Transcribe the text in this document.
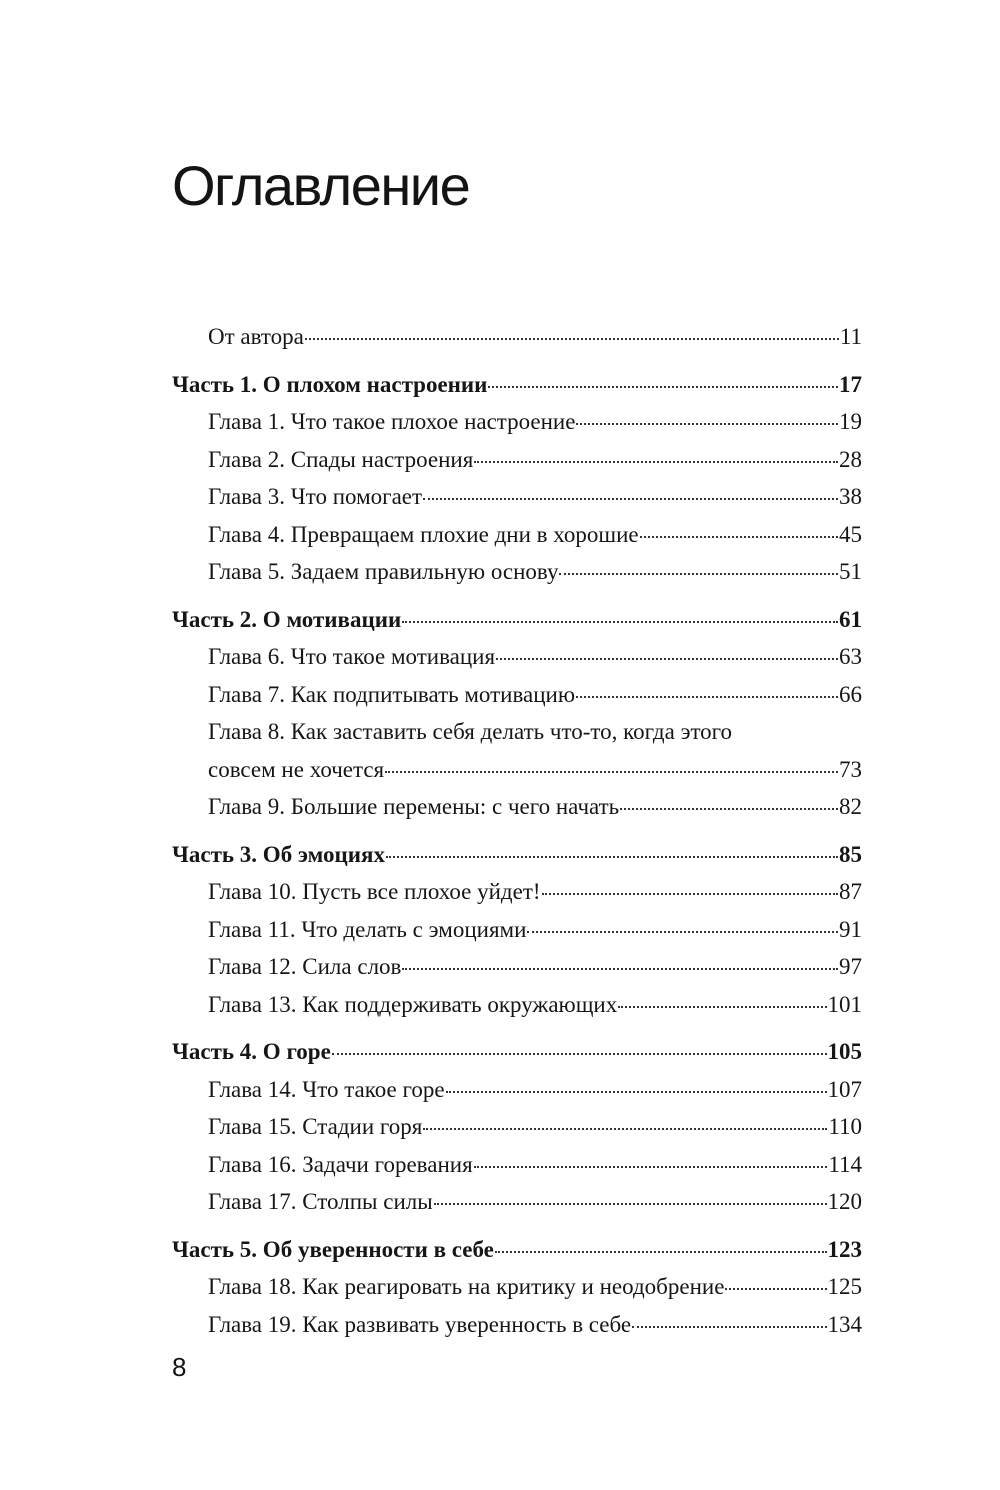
Оглавление
От автора	11
Часть 1. О плохом настроении	17
Глава 1. Что такое плохое настроение	19
Глава 2. Спады настроения	28
Глава 3. Что помогает	38
Глава 4. Превращаем плохие дни в хорошие	45
Глава 5. Задаем правильную основу	51
Часть 2. О мотивации	61
Глава 6. Что такое мотивация	63
Глава 7. Как подпитывать мотивацию	66
Глава 8. Как заставить себя делать что-то, когда этого
совсем не хочется	73
Глава 9. Большие перемены: с чего начать	82
Часть 3. Об эмоциях	85
Глава 10. Пусть все плохое уйдет!	87
Глава 11. Что делать с эмоциями	91
Глава 12. Сила слов	97
Глава 13. Как поддерживать окружающих	101
Часть 4. О горе	105
Глава 14. Что такое горе	107
Глава 15. Стадии горя	110
Глава 16. Задачи горевания	114
Глава 17. Столпы силы	120
Часть 5. Об уверенности в себе	123
Глава 18. Как реагировать на критику и неодобрение	125
Глава 19. Как развивать уверенность в себе	134
8
